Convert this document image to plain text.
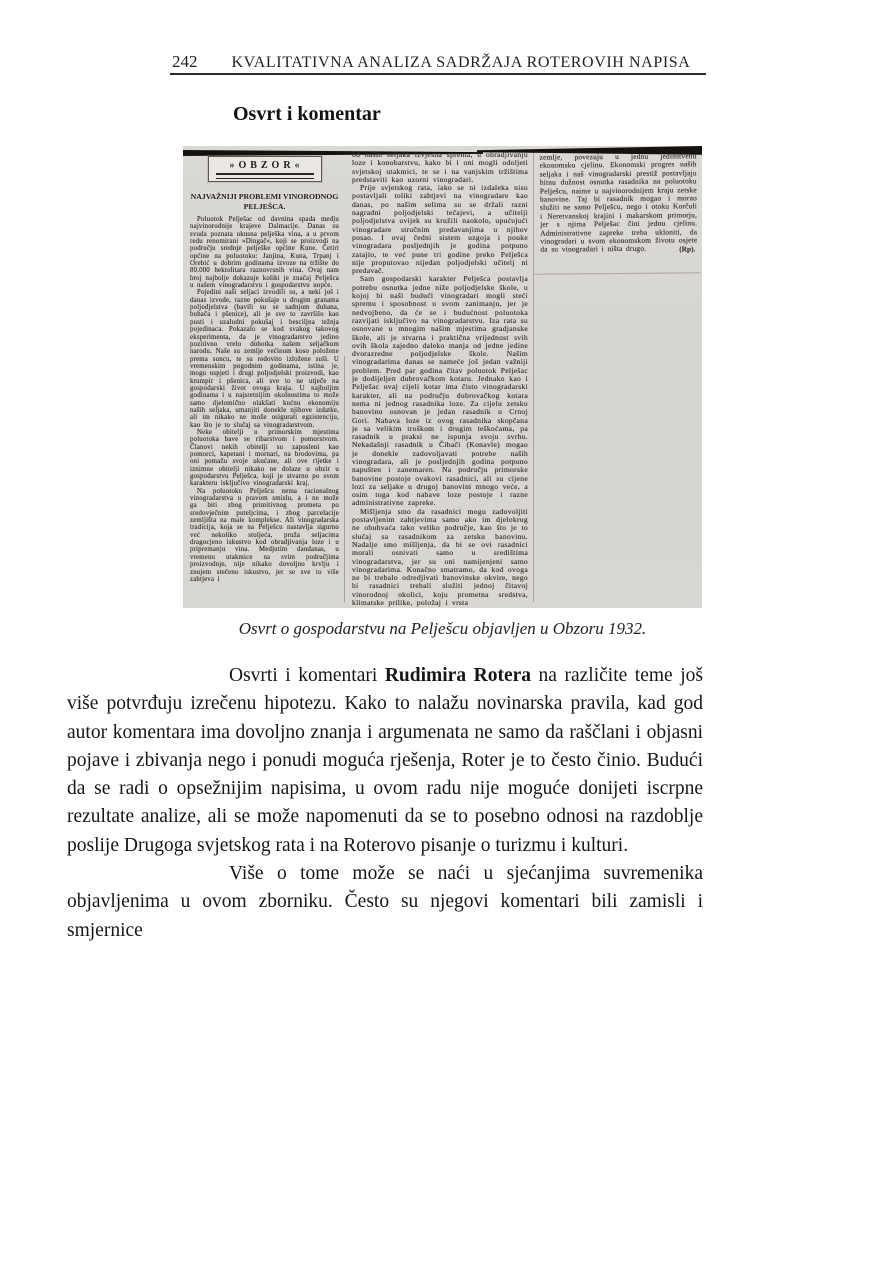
242 KVALITATIVNA ANALIZA SADRŽAJA ROTEROVIH NAPISA
Osvrt i komentar
»OBZOR«
NAJVAŽNIJI PROBLEMI VINORODNOG PELJEŠCA.

Poluotok Pelješac od davnina spada medju najvinorodnije krajeve Dalmacije. Danas su svuda poznata ukusna pelješka vina, a u prvom redu renomirani »Dingač«, koji se proizvodi na području srednje pelješke općine Kune. Četiri općine na poluotoku: Janjina, Kuna, Trpanj i Orebić u dobrim godinama izvoze na tržište do 80.000 hektolitara raznovrsnih vina. Ovaj nam broj najbolje dokazuje koliki je značaj Pelješca u našem vinogradarstvu i gospodarstvu uopće.

Pojedini naši seljaci izvodili su, a neki još i danas izvode, razne pokušaje u drugim granama poljodjelstva (bavili su se sadnjom duhana, buhača i pšenice), ali je sve to završilo kao pusti i uzaludni pokušaj i besciljna težnja pojedinaca. Pokazalo se kod svakog takovog eksperimenta, da je vinogradarstvo jedino pozitivno vrelo dohotka našem seljačkom narodu. Naše su zemlje većinom koso položene prema suncu, te su redovito izložene suši. U vremenskim pogodnim godinama, istina je, mogu uspjeti i drugi poljodjelski proizvodi, kao krumpir i pšenica, ali sve to ne utječe na gospodarski život ovoga kraja. U najboljim godinama i u najsretnijim okolnostima to može samo djelomično olakšati kućnu ekonomiju naših seljaka, umanjiti donekle njihove izdatke, ali im nikako ne može osigurati egzistenciju, kao što je to slučaj sa vinogradarstvom.

Neke obitelji u primorskim mjestima poluotoka bave se ribarstvom i pomorstvom. Članovi nekih obitelji su zaposleni kao pomorci, kapetani i mornari, na brodovima, pa oni pomažu svoje ukućane, ali ove rijetke i iznimne obitelji nikako ne dolaze u obzir u gospodarstvu Pelješca, koji je stvarno po svom karakteru isključivo vinogradarski kraj.

Na poluotoku Pelješcu nema racionalnog vinogradarstva u pravom smislu, a i ne može ga biti zbog primitivnog prometa po sredovječnim puteljcima, i zbog parcelacije zemljišta na male komplekse. Ali vinogradarska tradicija, koja se na Pelješcu nastavlja sigurno već nekoliko stoljeća, pruža seljacima dragocjeno iskustvo kod obradjivanja loze i u pripremanju vina. Medjutim dandanas, u vremenu utakmice na svim područjima proizvodnje, nije nikako dovoljno krvlju i znojem stečeno iskustvo, jer se sve to više zahtjeva i

od naših seljaka izvjesna sprema, u obradjivanju loze i konobarstvu, kako bi i oni mogli odoljeti svjetskoj utakmici, te se i na vanjskim tržištima predstaviti kao uzorni vinogradari.

Prije svjetskog rata, iako se ni izdaleka nisu postavljali toliki zahtjevi na vinogradare kao danas, po našim selima su se držali razni nagradni poljodjelski tečajevi, a učitelji poljodjelstva uvijek su kružili naokolo, upućujući vinogradare stručnim predavanjima u njihov posao. I ovaj čedni sistem uzgoja i pouke vinogradara posljednjih je godina potpuno zatajio, te već pune tri godine preko Pelješca nije proputovao nijedan poljodjelski učitelj ni predavač.

Sam gospodarski karakter Pelješca postavlja potrebu osnutka jedne niže poljodjelske škole, u kojoj bi naši budući vinogradari mogli steći spremu i sposobnost u svom zanimanju, jer je nedvojbeno, da će se i budućnost poluotoka razvijati isključivo na vinogradarstvu. Iza rata su osnovane u mnogim našim mjestima gradjanske škole, ali je stvarna i praktična vrijednost svih ovih škola zajedno daleko manja od jedne jedine dvorazredne poljodjelske škole. Našim vinogradarima danas se nameće još jedan važniji problem. Pred par godina čitav poluotok Pelješac je dodijeljen dubrovačkom kotaru. Jednako kao i Pelješac ovaj cijeli kotar ima čisto vinogradarski karakter, ali na području dubrovačkog kotara nema ni jednog rasadnika loze. Za cijelu zetsku banovinu osnovan je jedan rasadnik u Crnoj Gori. Nabava loze iz ovog rasadnika skopčana je sa velikim troškom i drugim teškoćama, pa rasadnik u praksi ne ispunja svoju svrhu. Nekadašnji rasadnik u Čibači (Konavle) mogao je donekle zadovoljavati potrebe naših vinogradara, ali je posljednjih godina potpuno napušten i zanemaren. Na području primorske banovine postoje ovakovi rasadnici, ali su cijene lozi za seljake u drugoj banovini mnogo veće, a osim toga kod nabave loze postoje i razne administrativne zapreke.

Mišljenja smo da rasadnici mogu zadovoljiti postavljenim zahtjevima samo ako im djelokrug ne obuhvaća tako veliko područje, kao što je to slučaj sa rasadnikom za zetsku banovinu. Nadalje smo mišljenja, da bi se ovi rasadnici morali osnivati samo u središtima vinogradarstva, jer su oni namijenjeni samo vinogradarima. Konačno smatramo, da kod ovoga ne bi trebalo odredjivati banovinske okvire, nego bi rasadnici trebali služiti jednoj čitavoj vinorodnoj okolici, koju prometna sredstva, klimatske prilike, položaj i vrsta

zemlje, povezuju u jednu jedinstvenu ekonomsku cjelinu. Ekonomski progres naših seljaka i naš vinogradarski prestiž postavljaju hitnu dužnost osnutka rasadnika na poluotoku Pelješcu, naime u najvinorodnijem kraju zetske banovine. Taj bi rasadnik mogao i morao služiti ne samo Pelješcu, nego i otoku Korčuli i Neretvanskoj krajini i makarskom primorju, jer s njima Pelješac čini jednu cjelinu. Administrativne zapreke treba ukloniti, da vinogradari u svom ekonomskom životu osjete da su vinogradari i ništa drugo.	(Rp).
Osvrt o gospodarstvu na Pelješcu objavljen u Obzoru 1932.

Osvrti i komentari Rudimira Rotera na različite teme još više potvrđuju izrečenu hipotezu. Kako to nalažu novinarska pravila, kad god autor komentara ima dovoljno znanja i argumenata ne samo da raščlani i objasni pojave i zbivanja nego i ponudi moguća rješenja, Roter je to često činio. Budući da se radi o opsežnijim napisima, u ovom radu nije moguće donijeti iscrpne rezultate analize, ali se može napomenuti da se to posebno odnosi na razdoblje poslije Drugoga svjetskog rata i na Roterovo pisanje o turizmu i kulturi.

Više o tome može se naći u sjećanjima suvremenika objavljenima u ovom zborniku. Često su njegovi komentari bili zamisli i smjernice
